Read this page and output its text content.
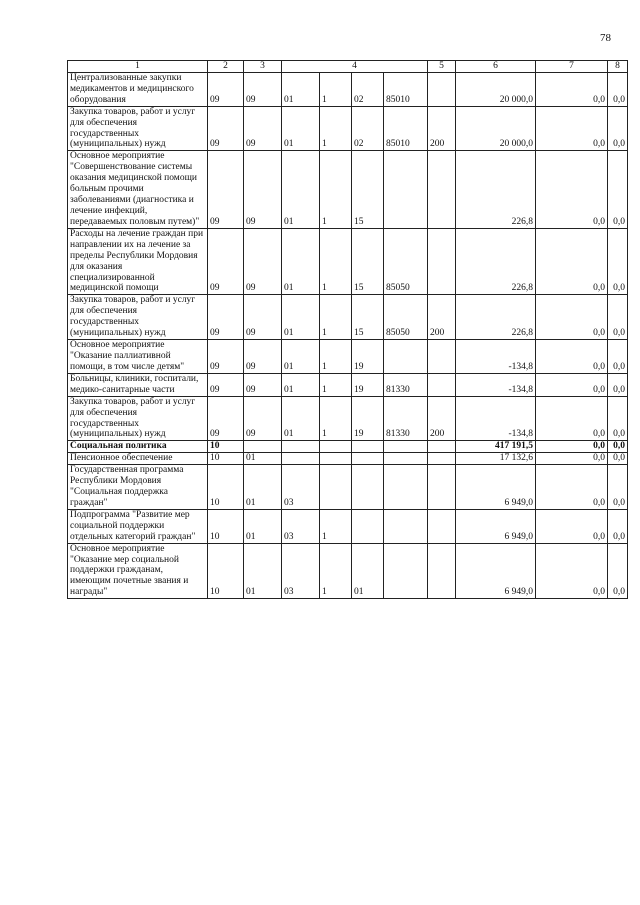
78
1	2	3	4				5	6	7	8
Централизованные закупки медикаментов и медицинского оборудования	09	09	01	1	02	85010		20 000,0	0,0	0,0
Закупка товаров, работ и услуг для обеспечения государственных (муниципальных) нужд	09	09	01	1	02	85010	200	20 000,0	0,0	0,0
Основное мероприятие "Совершенствование системы оказания медицинской помощи больным прочими заболеваниями (диагностика и лечение инфекций, передаваемых половым путем)"	09	09	01	1	15			226,8	0,0	0,0
Расходы на лечение граждан при направлении их на лечение за пределы Республики Мордовия для оказания специализированной медицинской помощи	09	09	01	1	15	85050		226,8	0,0	0,0
Закупка товаров, работ и услуг для обеспечения государственных (муниципальных) нужд	09	09	01	1	15	85050	200	226,8	0,0	0,0
Основное мероприятие "Оказание паллиативной помощи, в том числе детям"	09	09	01	1	19			-134,8	0,0	0,0
Больницы, клиники, госпитали, медико-санитарные части	09	09	01	1	19	81330		-134,8	0,0	0,0
Закупка товаров, работ и услуг для обеспечения государственных (муниципальных) нужд	09	09	01	1	19	81330	200	-134,8	0,0	0,0
Социальная политика	10							417 191,5	0,0	0,0
Пенсионное обеспечение	10	01						17 132,6	0,0	0,0
Государственная программа Республики Мордовия "Социальная поддержка граждан"	10	01	03					6 949,0	0,0	0,0
Подпрограмма "Развитие мер социальной поддержки отдельных категорий граждан"	10	01	03	1				6 949,0	0,0	0,0
Основное мероприятие "Оказание мер социальной поддержки гражданам, имеющим почетные звания и награды"	10	01	03	1	01			6 949,0	0,0	0,0
